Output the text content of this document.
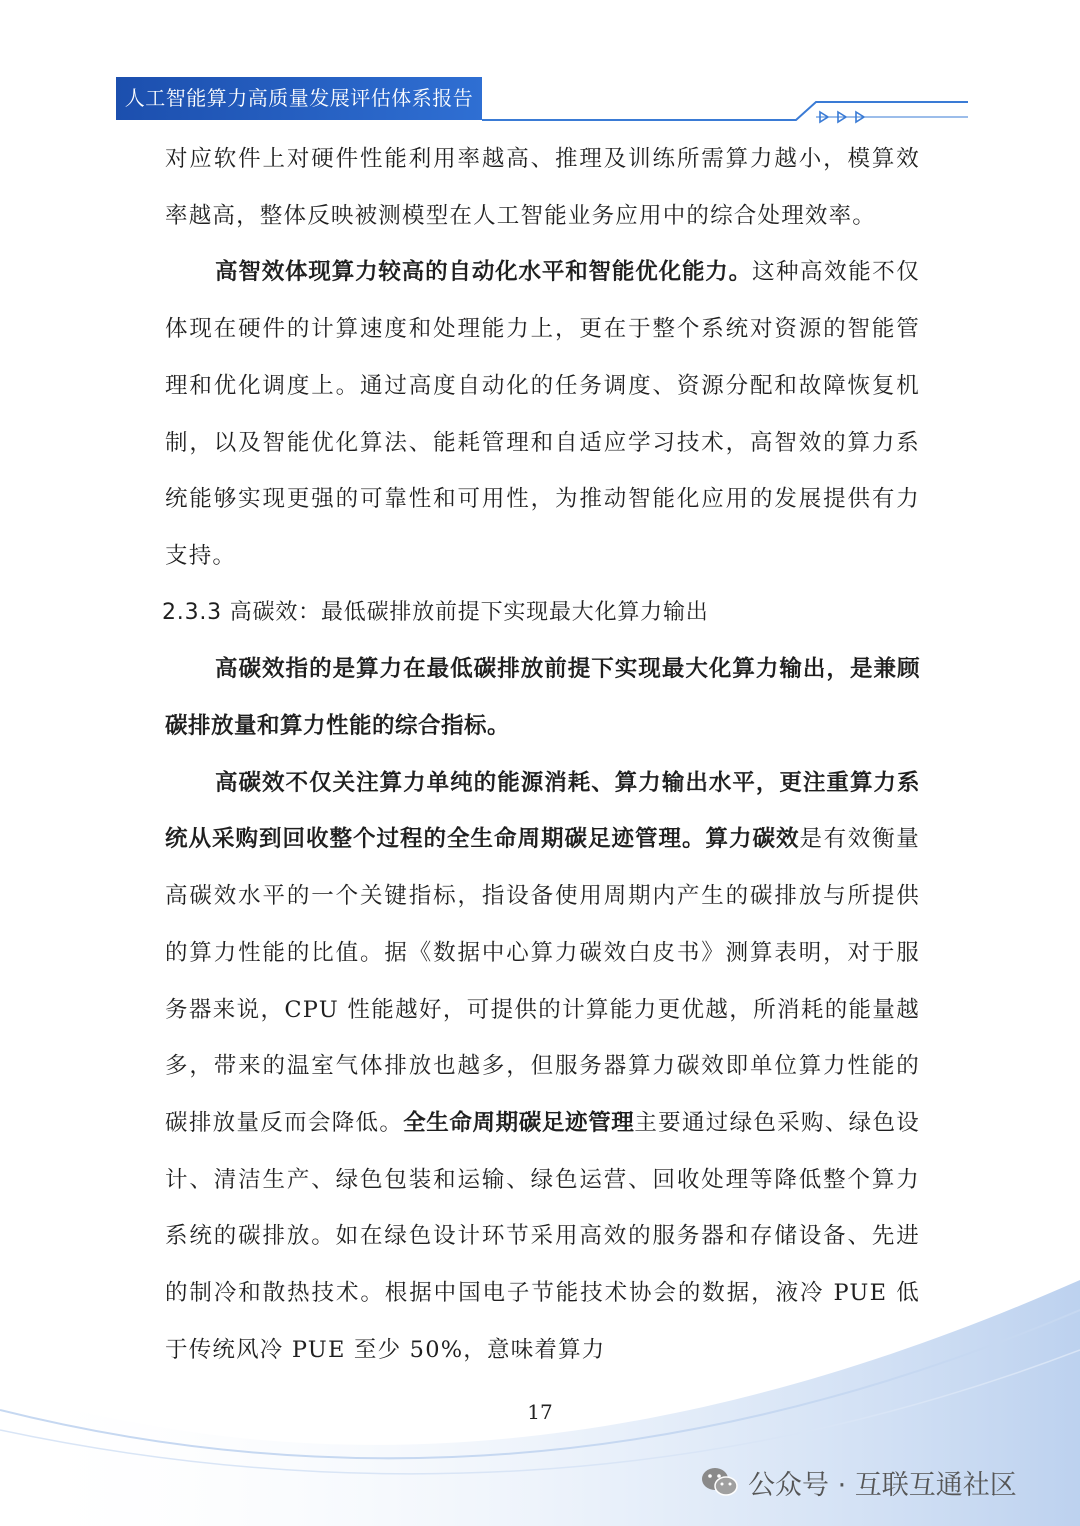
人工智能算力高质量发展评估体系报告

对应软件上对硬件性能利用率越高、推理及训练所需算力越小，模算效率越高，整体反映被测模型在人工智能业务应用中的综合处理效率。

高智效体现算力较高的自动化水平和智能优化能力。这种高效能不仅体现在硬件的计算速度和处理能力上，更在于整个系统对资源的智能管理和优化调度上。通过高度自动化的任务调度、资源分配和故障恢复机制，以及智能优化算法、能耗管理和自适应学习技术，高智效的算力系统能够实现更强的可靠性和可用性，为推动智能化应用的发展提供有力支持。

2.3.3 高碳效：最低碳排放前提下实现最大化算力输出

高碳效指的是算力在最低碳排放前提下实现最大化算力输出，是兼顾碳排放量和算力性能的综合指标。

高碳效不仅关注算力单纯的能源消耗、算力输出水平，更注重算力系统从采购到回收整个过程的全生命周期碳足迹管理。算力碳效是有效衡量高碳效水平的一个关键指标，指设备使用周期内产生的碳排放与所提供的算力性能的比值。据《数据中心算力碳效白皮书》测算表明，对于服务器来说，CPU 性能越好，可提供的计算能力更优越，所消耗的能量越多，带来的温室气体排放也越多，但服务器算力碳效即单位算力性能的碳排放量反而会降低。全生命周期碳足迹管理主要通过绿色采购、绿色设计、清洁生产、绿色包装和运输、绿色运营、回收处理等降低整个算力系统的碳排放。如在绿色设计环节采用高效的服务器和存储设备、先进的制冷和散热技术。根据中国电子节能技术协会的数据，液冷 PUE 低于传统风冷 PUE 至少 50%，意味着算力

17
公众号 · 互联互通社区
